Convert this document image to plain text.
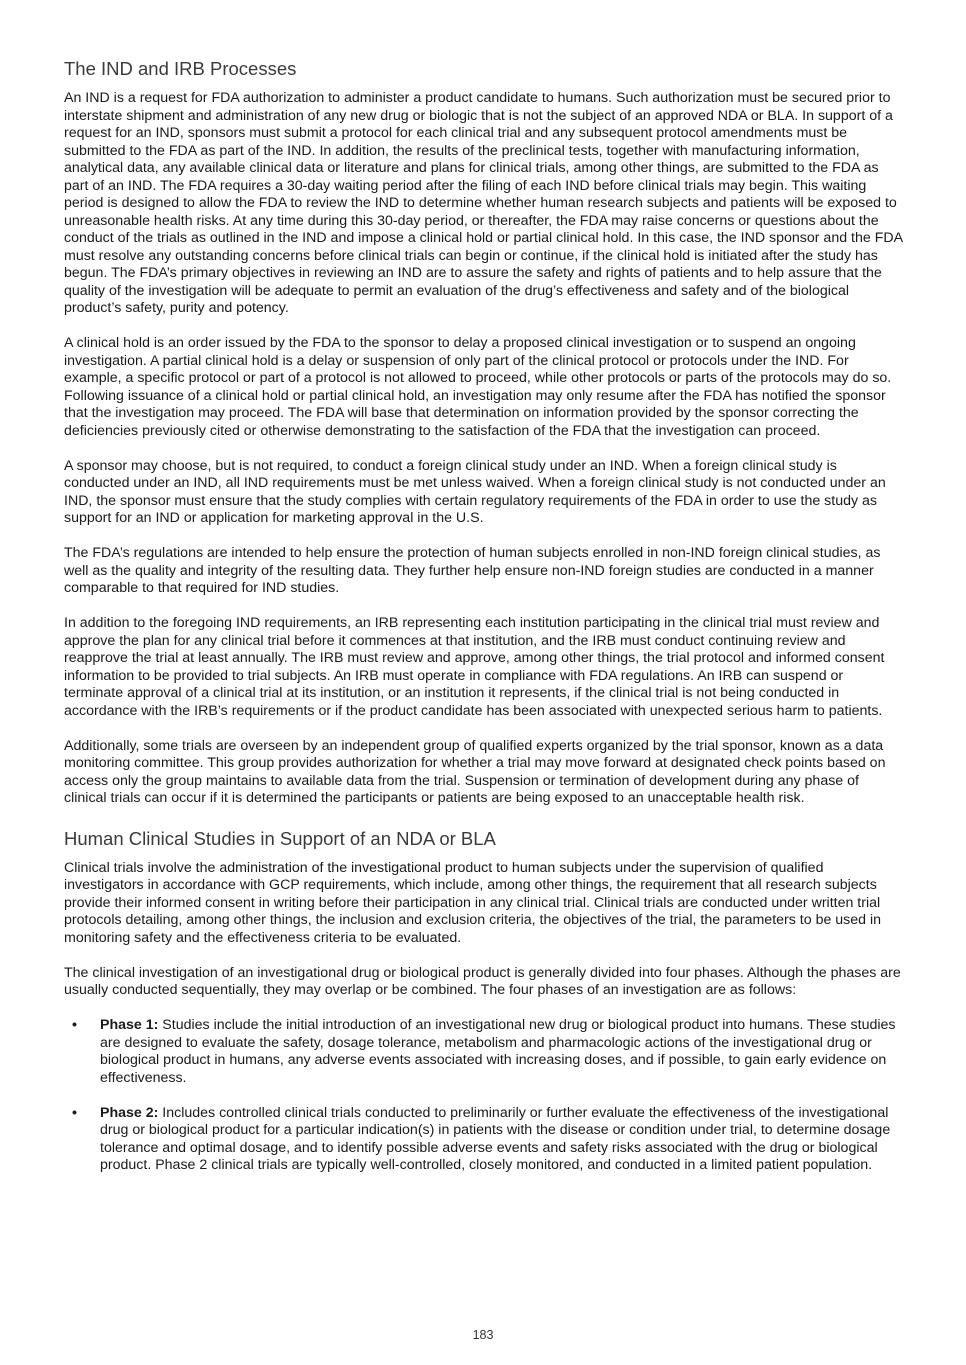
The IND and IRB Processes

An IND is a request for FDA authorization to administer a product candidate to humans. Such authorization must be secured prior to interstate shipment and administration of any new drug or biologic that is not the subject of an approved NDA or BLA. In support of a request for an IND, sponsors must submit a protocol for each clinical trial and any subsequent protocol amendments must be submitted to the FDA as part of the IND. In addition, the results of the preclinical tests, together with manufacturing information, analytical data, any available clinical data or literature and plans for clinical trials, among other things, are submitted to the FDA as part of an IND. The FDA requires a 30-day waiting period after the filing of each IND before clinical trials may begin. This waiting period is designed to allow the FDA to review the IND to determine whether human research subjects and patients will be exposed to unreasonable health risks. At any time during this 30-day period, or thereafter, the FDA may raise concerns or questions about the conduct of the trials as outlined in the IND and impose a clinical hold or partial clinical hold. In this case, the IND sponsor and the FDA must resolve any outstanding concerns before clinical trials can begin or continue, if the clinical hold is initiated after the study has begun. The FDA’s primary objectives in reviewing an IND are to assure the safety and rights of patients and to help assure that the quality of the investigation will be adequate to permit an evaluation of the drug’s effectiveness and safety and of the biological product’s safety, purity and potency.

A clinical hold is an order issued by the FDA to the sponsor to delay a proposed clinical investigation or to suspend an ongoing investigation. A partial clinical hold is a delay or suspension of only part of the clinical protocol or protocols under the IND. For example, a specific protocol or part of a protocol is not allowed to proceed, while other protocols or parts of the protocols may do so. Following issuance of a clinical hold or partial clinical hold, an investigation may only resume after the FDA has notified the sponsor that the investigation may proceed. The FDA will base that determination on information provided by the sponsor correcting the deficiencies previously cited or otherwise demonstrating to the satisfaction of the FDA that the investigation can proceed.

A sponsor may choose, but is not required, to conduct a foreign clinical study under an IND. When a foreign clinical study is conducted under an IND, all IND requirements must be met unless waived. When a foreign clinical study is not conducted under an IND, the sponsor must ensure that the study complies with certain regulatory requirements of the FDA in order to use the study as support for an IND or application for marketing approval in the U.S.

The FDA’s regulations are intended to help ensure the protection of human subjects enrolled in non-IND foreign clinical studies, as well as the quality and integrity of the resulting data. They further help ensure non-IND foreign studies are conducted in a manner comparable to that required for IND studies.

In addition to the foregoing IND requirements, an IRB representing each institution participating in the clinical trial must review and approve the plan for any clinical trial before it commences at that institution, and the IRB must conduct continuing review and reapprove the trial at least annually. The IRB must review and approve, among other things, the trial protocol and informed consent information to be provided to trial subjects. An IRB must operate in compliance with FDA regulations. An IRB can suspend or terminate approval of a clinical trial at its institution, or an institution it represents, if the clinical trial is not being conducted in accordance with the IRB’s requirements or if the product candidate has been associated with unexpected serious harm to patients.

Additionally, some trials are overseen by an independent group of qualified experts organized by the trial sponsor, known as a data monitoring committee. This group provides authorization for whether a trial may move forward at designated check points based on access only the group maintains to available data from the trial. Suspension or termination of development during any phase of clinical trials can occur if it is determined the participants or patients are being exposed to an unacceptable health risk.

Human Clinical Studies in Support of an NDA or BLA

Clinical trials involve the administration of the investigational product to human subjects under the supervision of qualified investigators in accordance with GCP requirements, which include, among other things, the requirement that all research subjects provide their informed consent in writing before their participation in any clinical trial. Clinical trials are conducted under written trial protocols detailing, among other things, the inclusion and exclusion criteria, the objectives of the trial, the parameters to be used in monitoring safety and the effectiveness criteria to be evaluated.

The clinical investigation of an investigational drug or biological product is generally divided into four phases. Although the phases are usually conducted sequentially, they may overlap or be combined. The four phases of an investigation are as follows:

• Phase 1: Studies include the initial introduction of an investigational new drug or biological product into humans. These studies are designed to evaluate the safety, dosage tolerance, metabolism and pharmacologic actions of the investigational drug or biological product in humans, any adverse events associated with increasing doses, and if possible, to gain early evidence on effectiveness.
• Phase 2: Includes controlled clinical trials conducted to preliminarily or further evaluate the effectiveness of the investigational drug or biological product for a particular indication(s) in patients with the disease or condition under trial, to determine dosage tolerance and optimal dosage, and to identify possible adverse events and safety risks associated with the drug or biological product. Phase 2 clinical trials are typically well-controlled, closely monitored, and conducted in a limited patient population.
183
